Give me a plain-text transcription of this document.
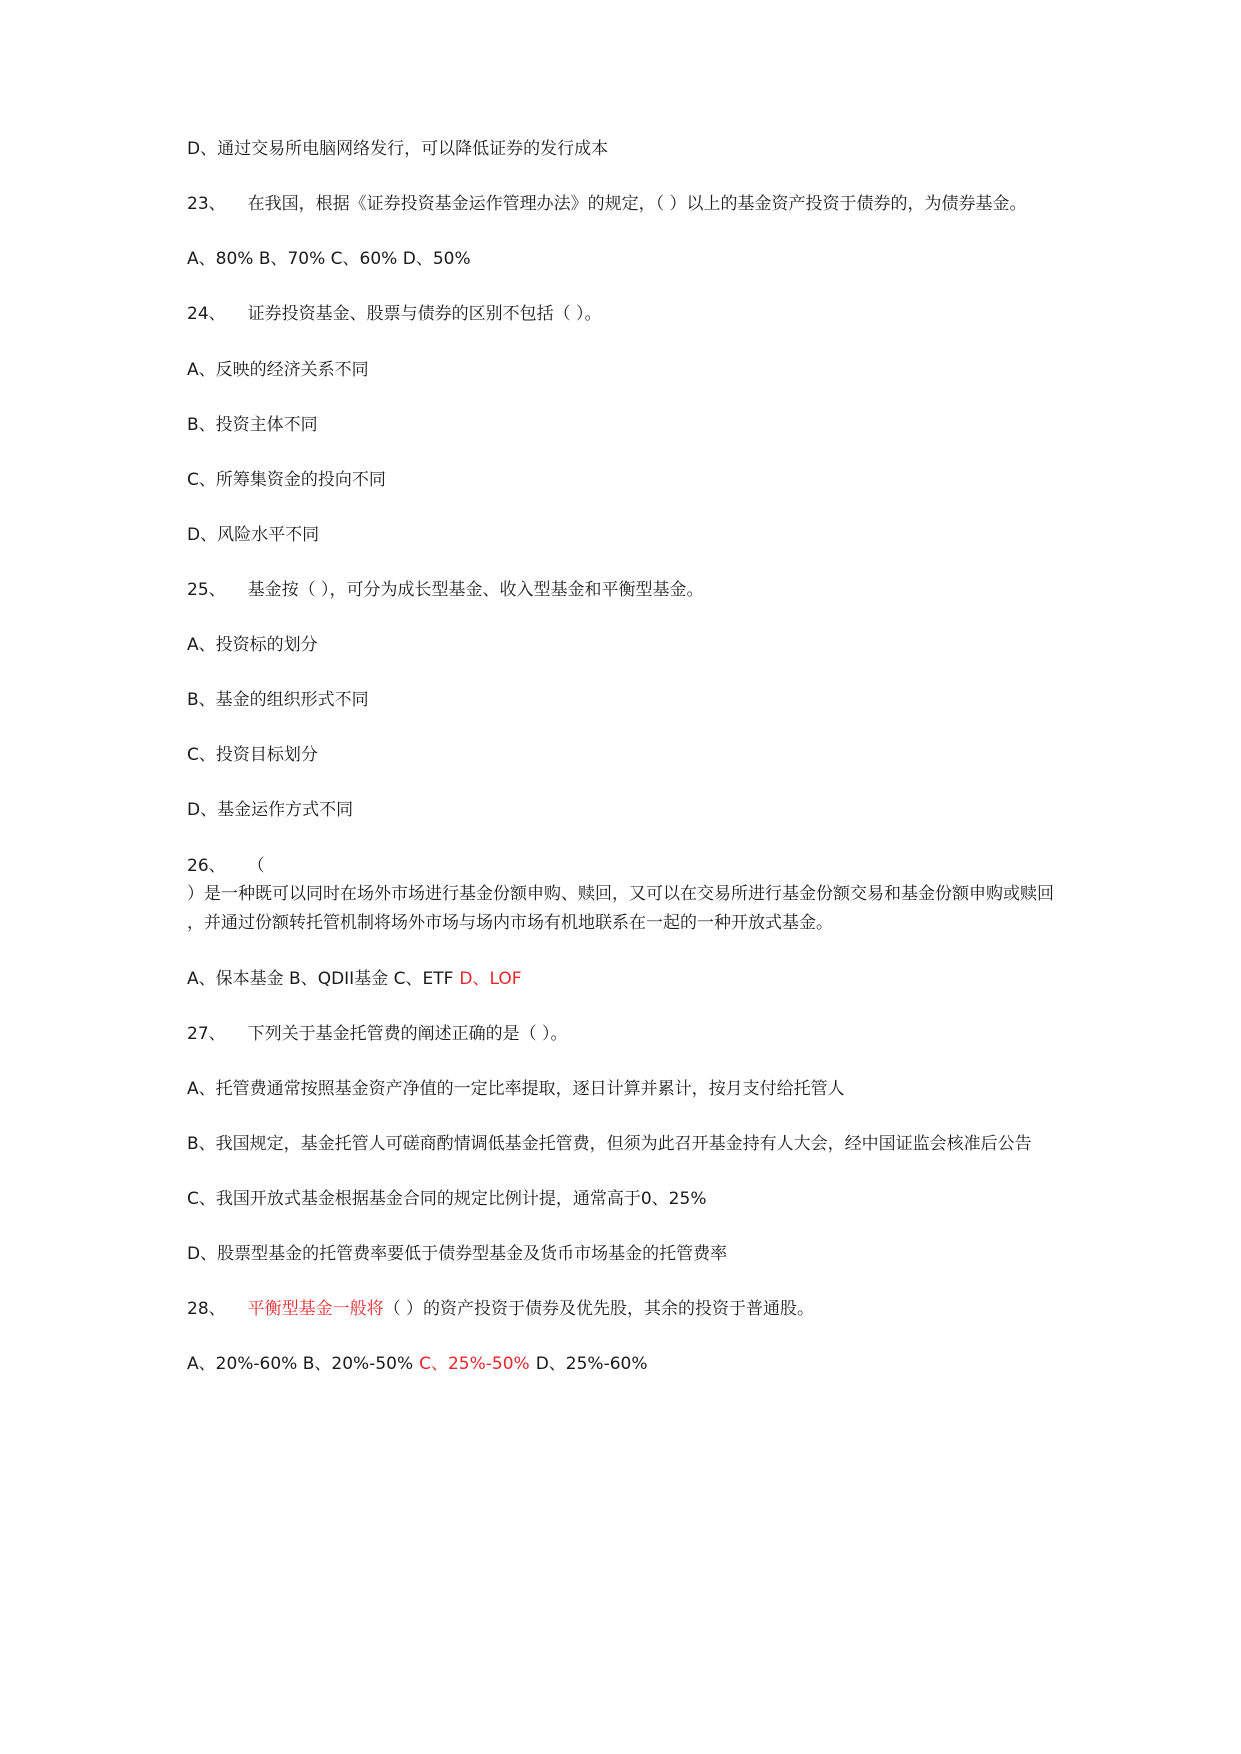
D、通过交易所电脑网络发行，可以降低证券的发行成本
23、 在我国，根据《证券投资基金运作管理办法》的规定，（ ）以上的基金资产投资于债券的，为债券基金。
A、80% B、70% C、60% D、50%
24、 证券投资基金、股票与债券的区别不包括（ ）。
A、反映的经济关系不同
B、投资主体不同
C、所筹集资金的投向不同
D、风险水平不同
25、 基金按（ ），可分为成长型基金、收入型基金和平衡型基金。
A、投资标的划分
B、基金的组织形式不同
C、投资目标划分
D、基金运作方式不同
26、 （
）是一种既可以同时在场外市场进行基金份额申购、赎回，又可以在交易所进行基金份额交易和基金份额申购或赎回
，并通过份额转托管机制将场外市场与场内市场有机地联系在一起的一种开放式基金。
A、保本基金 B、QDII基金 C、ETF D、LOF
27、 下列关于基金托管费的阐述正确的是（ ）。
A、托管费通常按照基金资产净值的一定比率提取，逐日计算并累计，按月支付给托管人
B、我国规定，基金托管人可磋商酌情调低基金托管费，但须为此召开基金持有人大会，经中国证监会核准后公告
C、我国开放式基金根据基金合同的规定比例计提，通常高于0、25%
D、股票型基金的托管费率要低于债券型基金及货币市场基金的托管费率
28、 平衡型基金一般将（ ）的资产投资于债券及优先股，其余的投资于普通股。
A、20%-60% B、20%-50% C、25%-50% D、25%-60%
